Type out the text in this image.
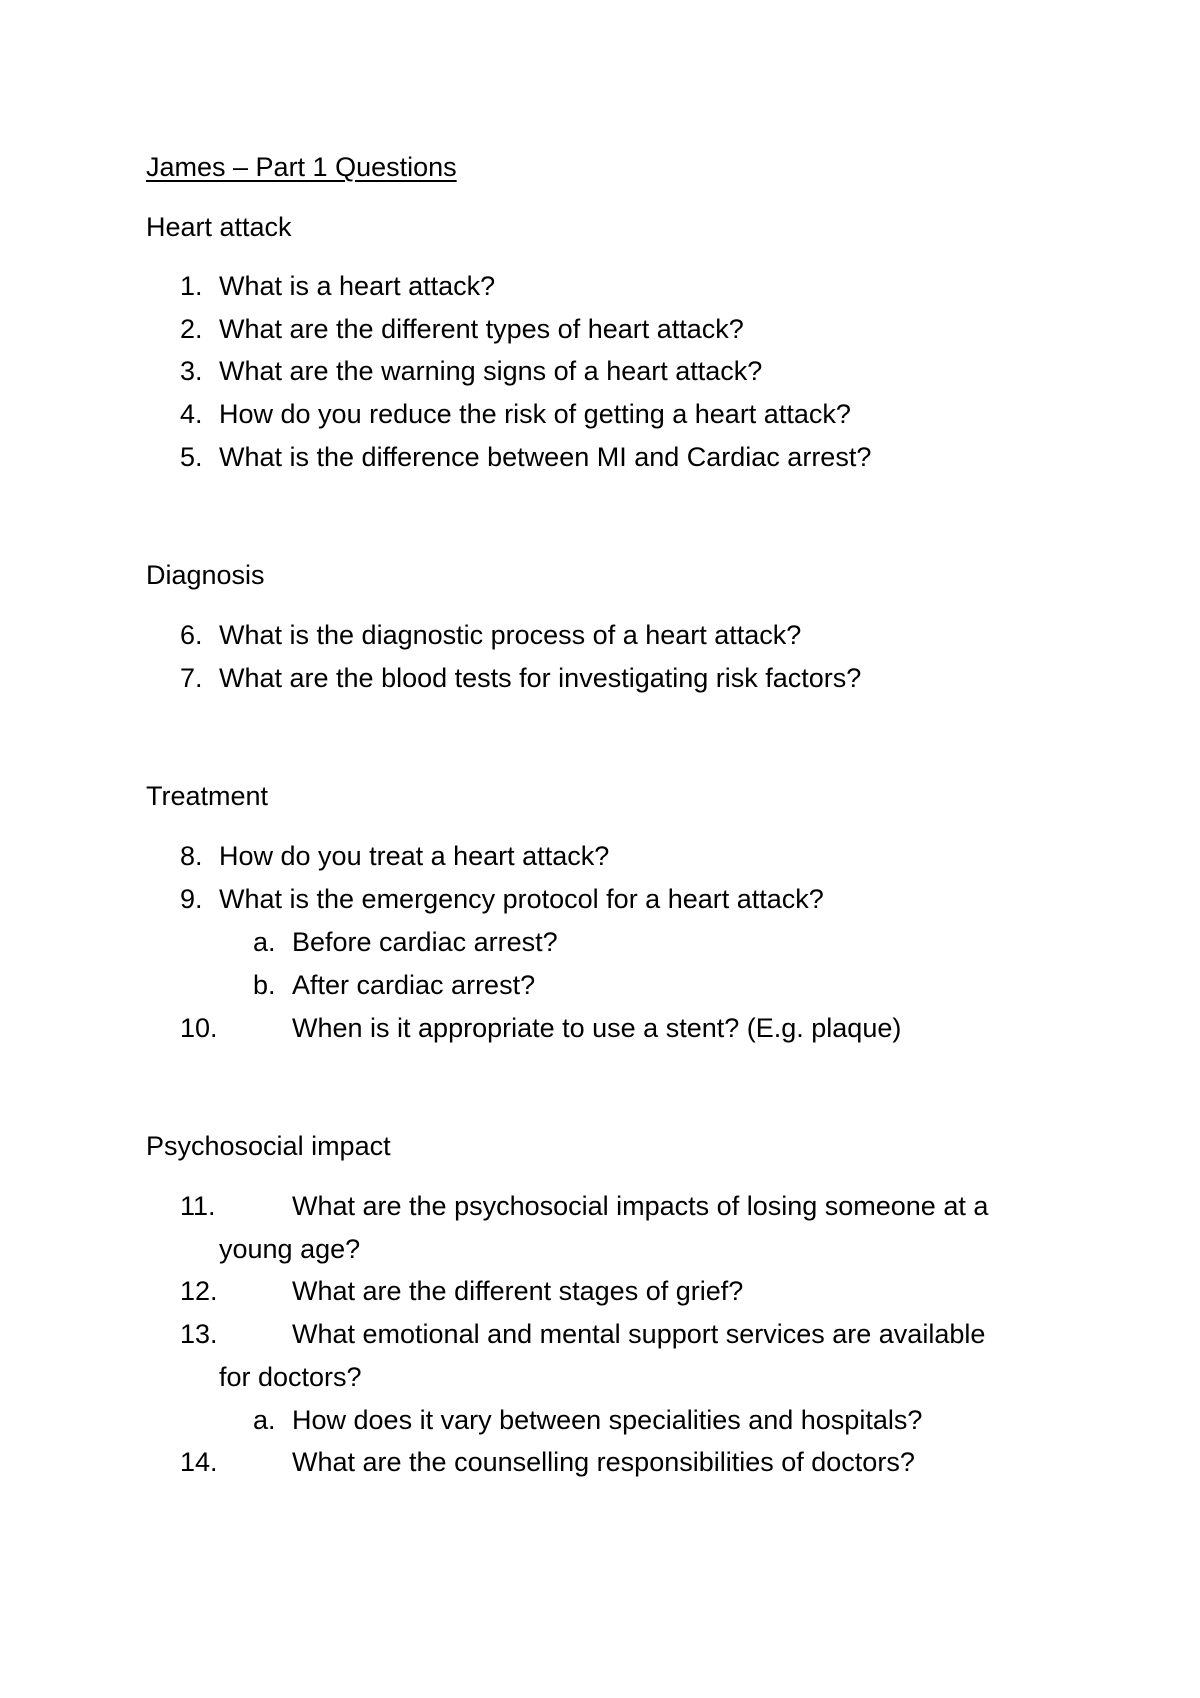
James – Part 1 Questions
Heart attack
1. What is a heart attack?
2. What are the different types of heart attack?
3. What are the warning signs of a heart attack?
4. How do you reduce the risk of getting a heart attack?
5. What is the difference between MI and Cardiac arrest?
Diagnosis
6. What is the diagnostic process of a heart attack?
7. What are the blood tests for investigating risk factors?
Treatment
8. How do you treat a heart attack?
9. What is the emergency protocol for a heart attack?
a. Before cardiac arrest?
b. After cardiac arrest?
10.	When is it appropriate to use a stent? (E.g. plaque)
Psychosocial impact
11.	What are the psychosocial impacts of losing someone at a
young age?
12.	What are the different stages of grief?
13.	What emotional and mental support services are available
for doctors?
a. How does it vary between specialities and hospitals?
14.	What are the counselling responsibilities of doctors?
